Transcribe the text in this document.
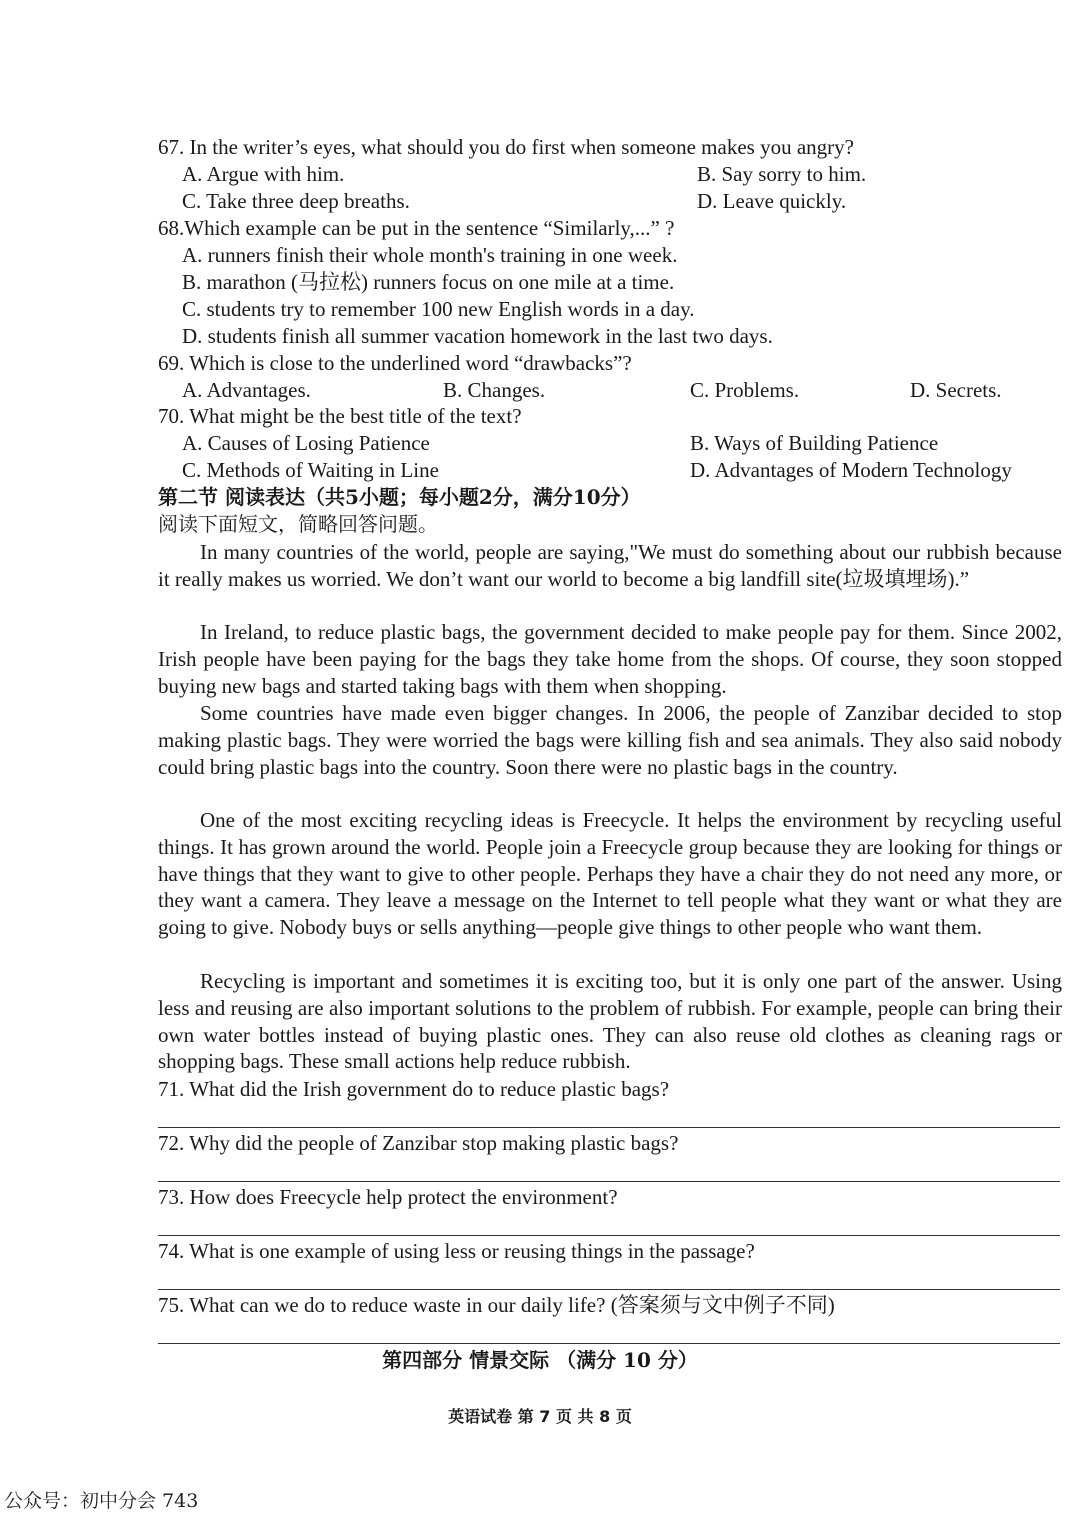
67. In the writer’s eyes, what should you do first when someone makes you angry?
A. Argue with him.	B. Say sorry to him.
C. Take three deep breaths.	D. Leave quickly.
68.Which example can be put in the sentence “Similarly,...” ?
A. runners finish their whole month's training in one week.
B. marathon (马拉松) runners focus on one mile at a time.
C. students try to remember 100 new English words in a day.
D. students finish all summer vacation homework in the last two days.
69. Which is close to the underlined word “drawbacks”?
A. Advantages.	B. Changes.	C. Problems.	D. Secrets.
70. What might be the best title of the text?
A. Causes of Losing Patience	B. Ways of Building Patience
C. Methods of Waiting in Line	D. Advantages of Modern Technology
第二节 阅读表达（共5小题；每小题2分，满分10分）
阅读下面短文，简略回答问题。
In many countries of the world, people are saying,"We must do something about our rubbish because it really makes us worried. We don’t want our world to become a big landfill site(垃圾填埋场).”
In Ireland, to reduce plastic bags, the government decided to make people pay for them. Since 2002, Irish people have been paying for the bags they take home from the shops. Of course, they soon stopped buying new bags and started taking bags with them when shopping.
Some countries have made even bigger changes. In 2006, the people of Zanzibar decided to stop making plastic bags. They were worried the bags were killing fish and sea animals. They also said nobody could bring plastic bags into the country. Soon there were no plastic bags in the country.
One of the most exciting recycling ideas is Freecycle. It helps the environment by recycling useful things. It has grown around the world. People join a Freecycle group because they are looking for things or have things that they want to give to other people. Perhaps they have a chair they do not need any more, or they want a camera. They leave a message on the Internet to tell people what they want or what they are going to give. Nobody buys or sells anything—people give things to other people who want them.
Recycling is important and sometimes it is exciting too, but it is only one part of the answer. Using less and reusing are also important solutions to the problem of rubbish. For example, people can bring their own water bottles instead of buying plastic ones. They can also reuse old clothes as cleaning rags or shopping bags. These small actions help reduce rubbish.
71. What did the Irish government do to reduce plastic bags?
72. Why did the people of Zanzibar stop making plastic bags?
73. How does Freecycle help protect the environment?
74. What is one example of using less or reusing things in the passage?
75. What can we do to reduce waste in our daily life? (答案须与文中例子不同)
第四部分 情景交际 （满分 10 分）
英语试卷 第 7 页 共 8 页
公众号：初中分会 743
